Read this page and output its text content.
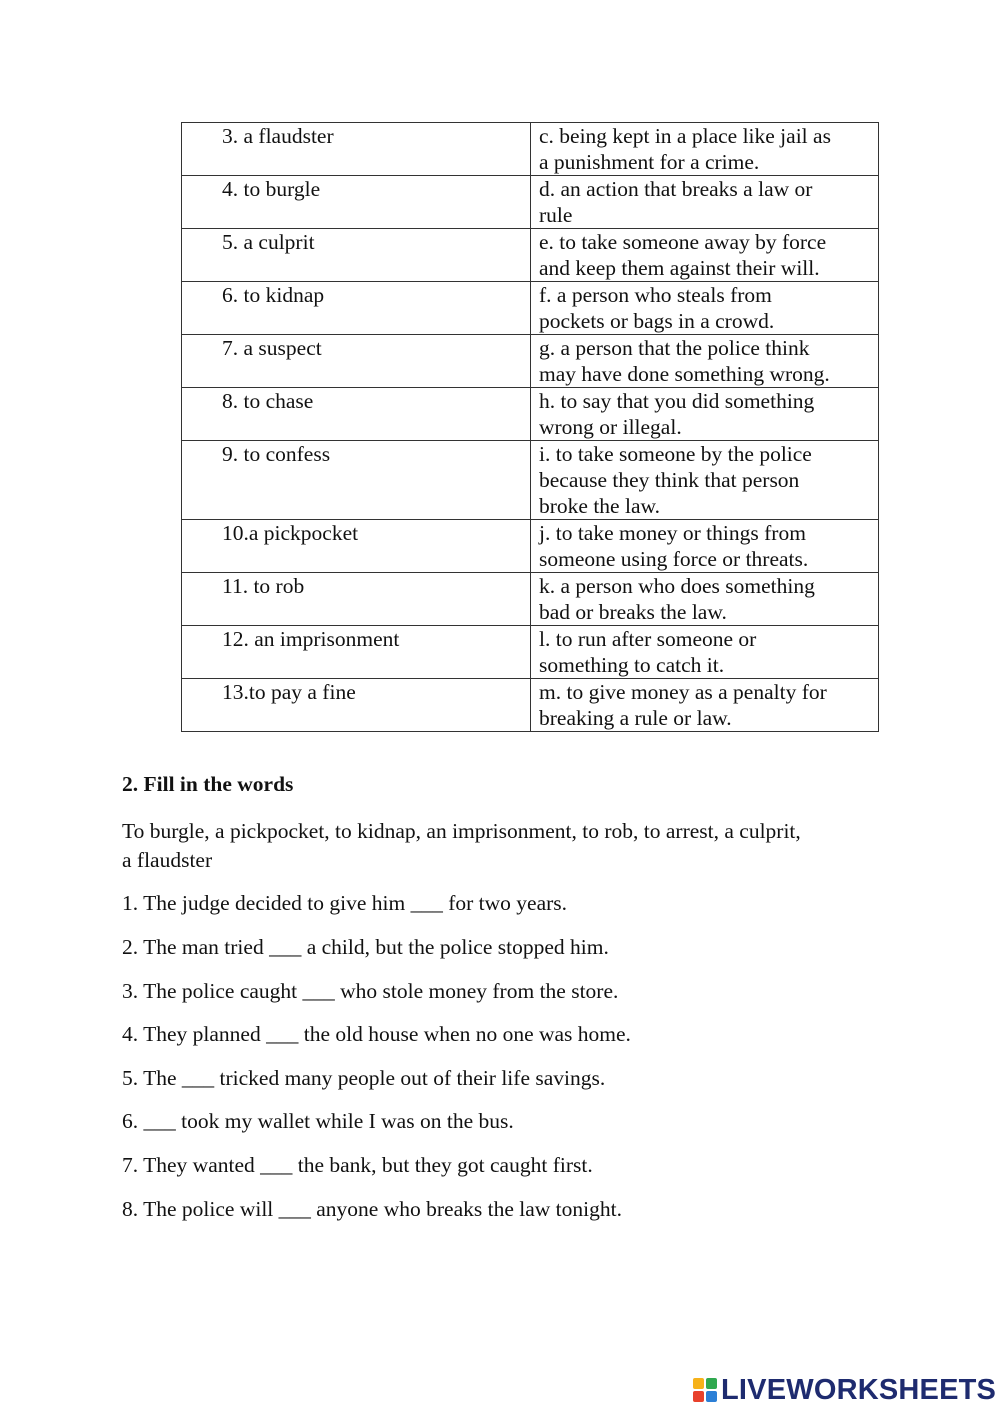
3. a flaudster	c. being kept in a place like jail as
a punishment for a crime.

4. to burgle	d. an action that breaks a law or
rule

5. a culprit	e. to take someone away by force
and keep them against their will.

6. to kidnap	f. a person who steals from
pockets or bags in a crowd.

7. a suspect	g. a person that the police think
may have done something wrong.

8. to chase	h. to say that you did something
wrong or illegal.

9. to confess	i. to take someone by the police
because they think that person
broke the law.

10.a pickpocket	j. to take money or things from
someone using force or threats.

11. to rob	k. a person who does something
bad or breaks the law.

12. an imprisonment	l. to run after someone or
something to catch it.

13.to pay a fine	m. to give money as a penalty for
breaking a rule or law.
2. Fill in the words
To burgle, a pickpocket, to kidnap, an imprisonment, to rob, to arrest, a culprit,
a flaudster
1. The judge decided to give him ___ for two years.
2. The man tried ___ a child, but the police stopped him.
3. The police caught ___ who stole money from the store.
4. They planned ___ the old house when no one was home.
5. The ___ tricked many people out of their life savings.
6. ___ took my wallet while I was on the bus.
7. They wanted ___ the bank, but they got caught first.
8. The police will ___ anyone who breaks the law tonight.
LIVEWORKSHEETS
